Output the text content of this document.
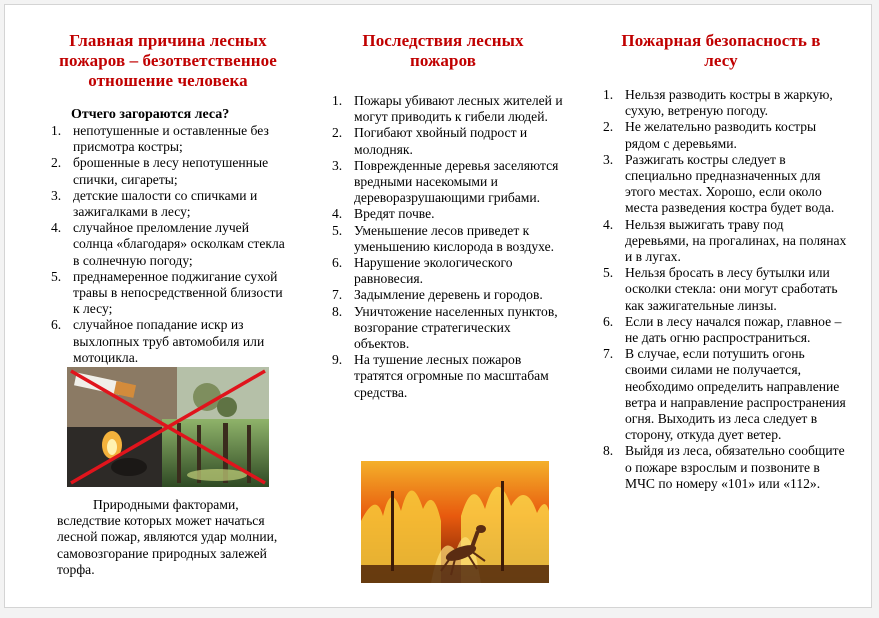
Главная причина лесных пожаров – безответственное отношение человека
Отчего загораются леса?
1. непотушенные и оставленные без присмотра костры;
2. брошенные в лесу непотушенные спички, сигареты;
3. детские шалости со спичками и зажигалками в лесу;
4. случайное преломление лучей солнца «благодаря» осколкам стекла в солнечную погоду;
5. преднамеренное поджигание сухой травы в непосредственной близости к лесу;
6. случайное попадание искр из выхлопных труб автомобиля или мотоцикла.
Природными факторами, вследствие которых может начаться лесной пожар, являются удар молнии, самовозгорание природных залежей торфа.
Последствия лесных пожаров
1. Пожары убивают лесных жителей и могут приводить к гибели людей.
2. Погибают хвойный подрост и молодняк.
3. Поврежденные деревья заселяются вредными насекомыми и дереворазрушающими грибами.
4. Вредят почве.
5. Уменьшение лесов приведет к уменьшению кислорода в воздухе.
6. Нарушение экологического равновесия.
7. Задымление деревень и городов.
8. Уничтожение населенных пунктов, возгорание стратегических объектов.
9. На тушение лесных пожаров тратятся огромные по масштабам средства.
Пожарная безопасность в лесу
1. Нельзя разводить костры в жаркую, сухую, ветреную погоду.
2. Не желательно разводить костры рядом с деревьями.
3. Разжигать костры следует в специально предназначенных для этого местах. Хорошо, если около места разведения костра будет вода.
4. Нельзя выжигать траву под деревьями, на прогалинах, на полянах и в лугах.
5. Нельзя бросать в лесу бутылки или осколки стекла: они могут сработать как зажигательные линзы.
6. Если в лесу начался пожар, главное – не дать огню распространиться.
7. В случае, если потушить огонь своими силами не получается, необходимо определить направление ветра и направление распространения огня. Выходить из леса следует в сторону, откуда дует ветер.
8. Выйдя из леса, обязательно сообщите о пожаре взрослым и позвоните в МЧС по номеру «101» или «112».
